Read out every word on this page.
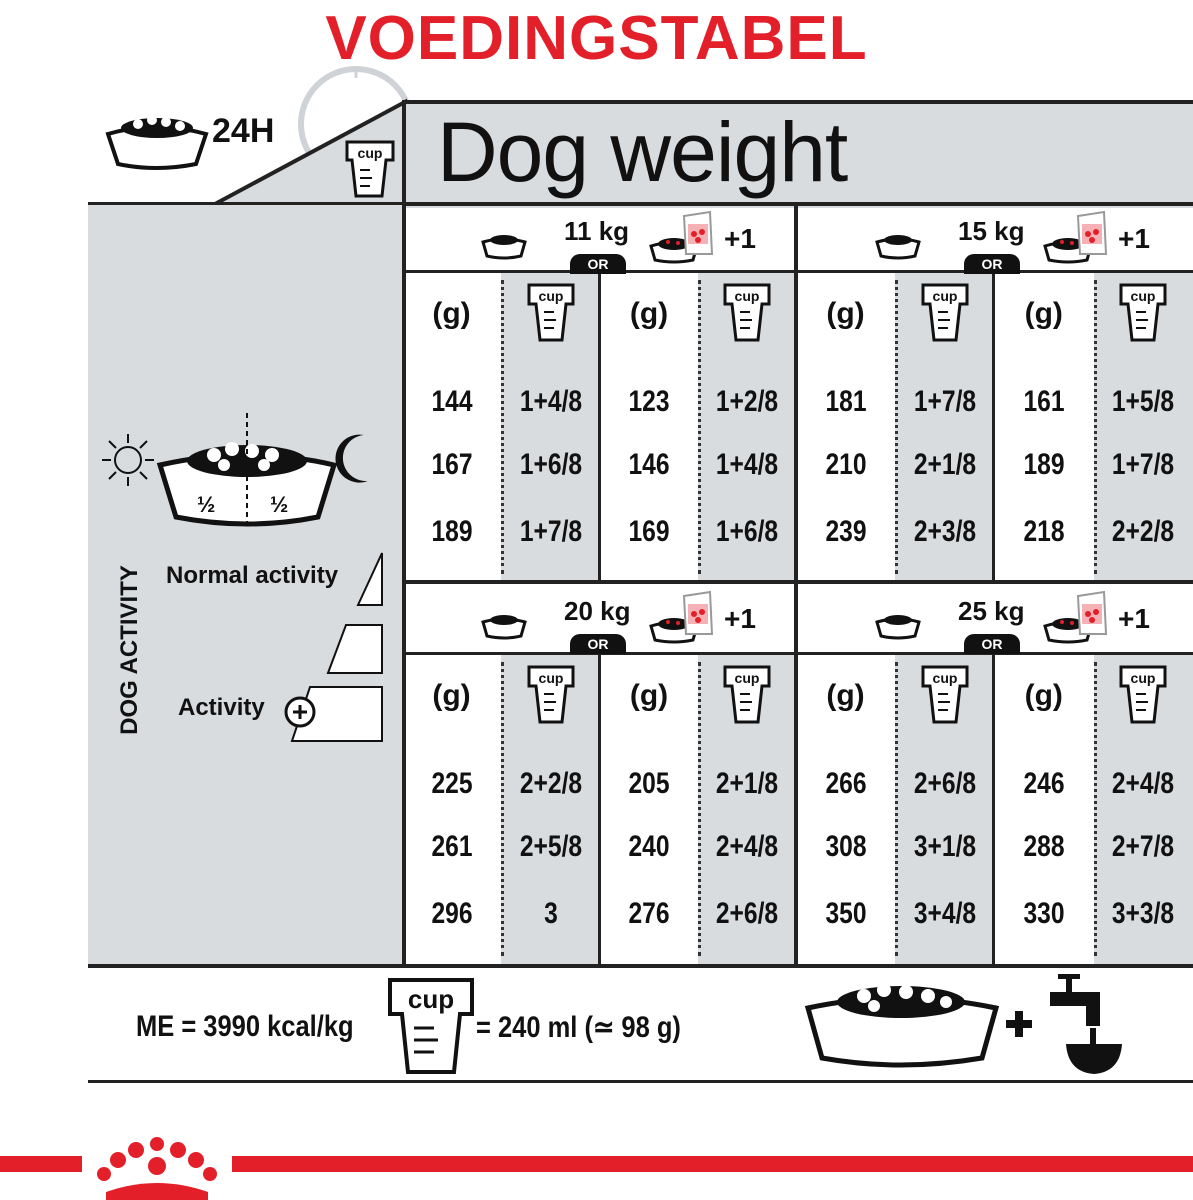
VOEDINGSTABEL
cup
24H Dog weight
½ ½
Normal activity
Activity
DOG ACTIVITY
ME = 3990 kcal/kg
cup
= 240 ml (≃ 98 g)
11 kg
OR
+1
(g)
cup
144	1+4/8
167	1+6/8
189	1+7/8
(g)
cup
123	1+2/8
146	1+4/8
169	1+6/8
15 kg
OR
+1
(g)
cup
181	1+7/8
210	2+1/8
239	2+3/8
(g)
cup
161	1+5/8
189	1+7/8
218	2+2/8
20 kg
OR
+1
(g)
cup
225	2+2/8
261	2+5/8
296	3
(g)
cup
205	2+1/8
240	2+4/8
276	2+6/8
25 kg
OR
+1
(g)
cup
266	2+6/8
308	3+1/8
350	3+4/8
(g)
cup
246	2+4/8
288	2+7/8
330	3+3/8
